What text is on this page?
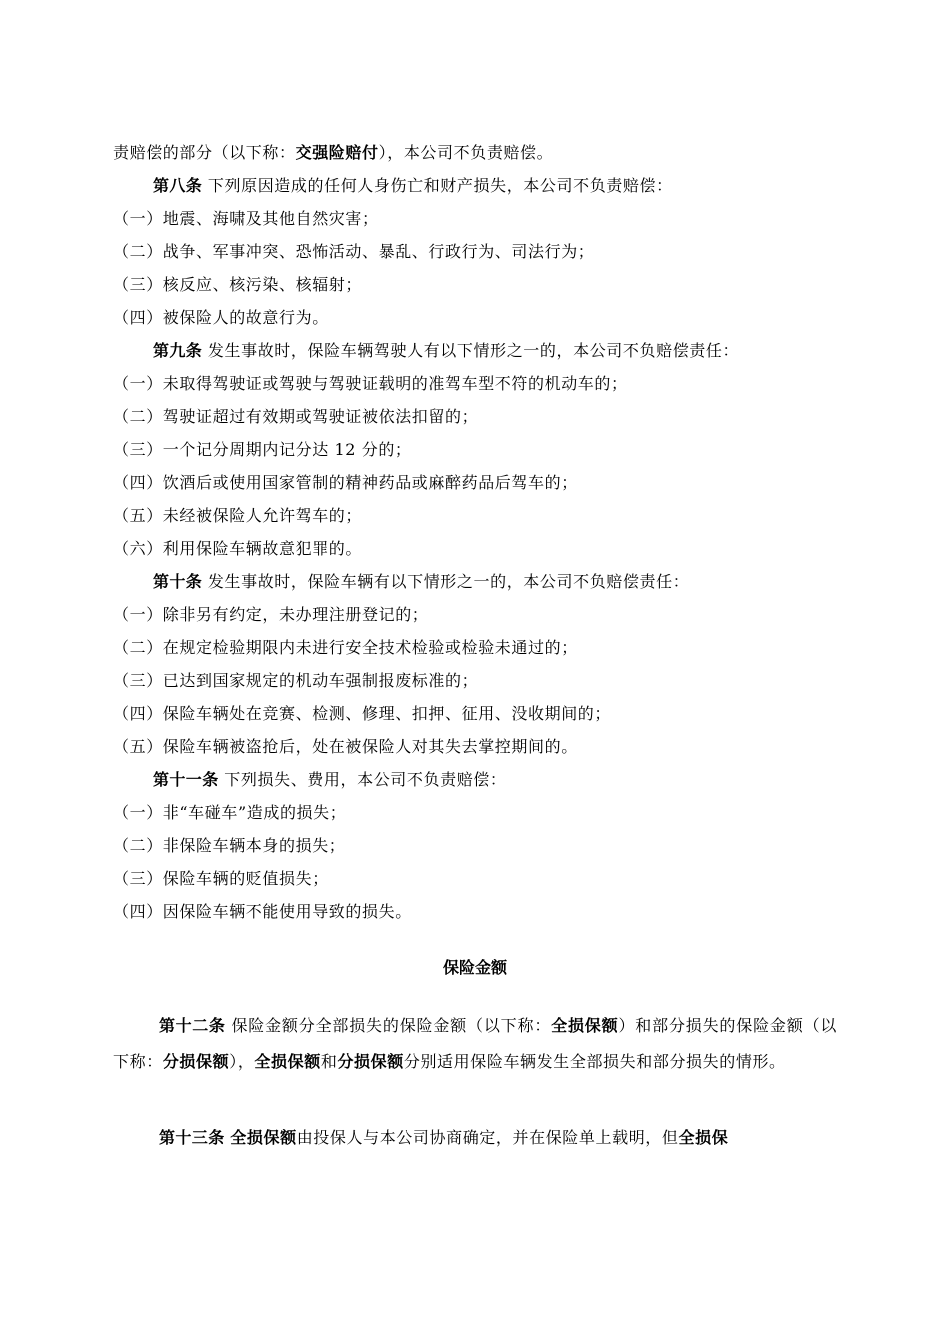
责赔偿的部分（以下称：交强险赔付），本公司不负责赔偿。
第八条 下列原因造成的任何人身伤亡和财产损失，本公司不负责赔偿：
（一）地震、海啸及其他自然灾害；
（二）战争、军事冲突、恐怖活动、暴乱、行政行为、司法行为；
（三）核反应、核污染、核辐射；
（四）被保险人的故意行为。
第九条 发生事故时，保险车辆驾驶人有以下情形之一的，本公司不负赔偿责任：
（一）未取得驾驶证或驾驶与驾驶证载明的准驾车型不符的机动车的；
（二）驾驶证超过有效期或驾驶证被依法扣留的；
（三）一个记分周期内记分达 12 分的；
（四）饮酒后或使用国家管制的精神药品或麻醉药品后驾车的；
（五）未经被保险人允许驾车的；
（六）利用保险车辆故意犯罪的。
第十条 发生事故时，保险车辆有以下情形之一的，本公司不负赔偿责任：
（一）除非另有约定，未办理注册登记的；
（二）在规定检验期限内未进行安全技术检验或检验未通过的；
（三）已达到国家规定的机动车强制报废标准的；
（四）保险车辆处在竞赛、检测、修理、扣押、征用、没收期间的；
（五）保险车辆被盗抢后，处在被保险人对其失去掌控期间的。
第十一条 下列损失、费用，本公司不负责赔偿：
（一）非“车碰车”造成的损失；
（二）非保险车辆本身的损失；
（三）保险车辆的贬值损失；
（四）因保险车辆不能使用导致的损失。
保险金额
第十二条 保险金额分全部损失的保险金额（以下称：全损保额）和部分损失的保险金额（以下称：分损保额），全损保额和分损保额分别适用保险车辆发生全部损失和部分损失的情形。
第十三条 全损保额由投保人与本公司协商确定，并在保险单上载明，但全损保
